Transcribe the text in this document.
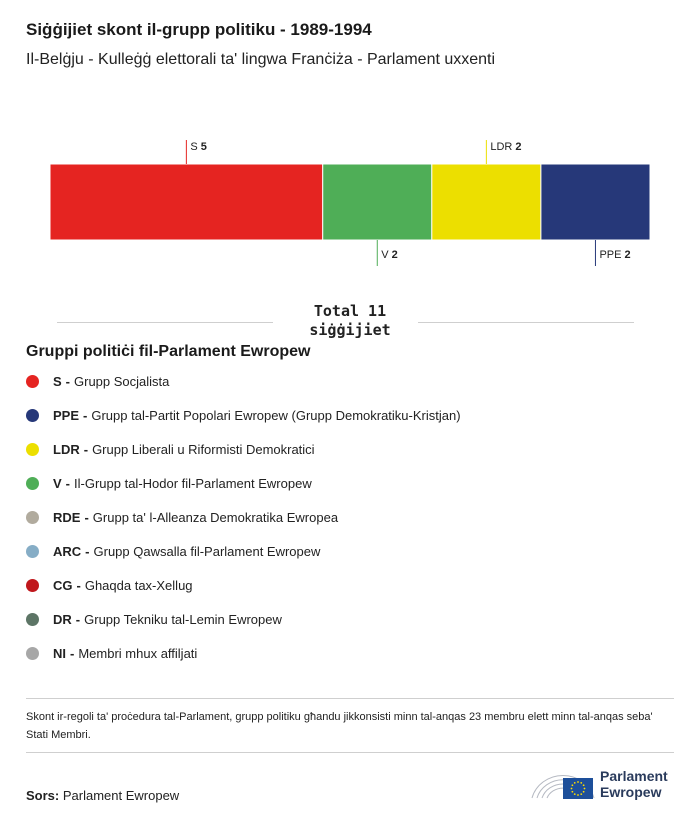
Siġġijiet skont il-grupp politiku - 1989-1994

Il-Belġju - Kulleġġ elettorali ta' lingwa Franċiża - Parlament uxxenti

S 5
V 2
LDR 2
PPE 2
Total 11 siġġijiet
Gruppi politiċi fil-Parlament Ewropew
S - Grupp Socjalista
PPE - Grupp tal-Partit Popolari Ewropew (Grupp Demokratiku-Kristjan)
LDR - Grupp Liberali u Riformisti Demokratici
V - Il-Grupp tal-Hodor fil-Parlament Ewropew
RDE - Grupp ta' l-Alleanza Demokratika Ewropea
ARC - Grupp Qawsalla fil-Parlament Ewropew
CG - Ghaqda tax-Xellug
DR - Grupp Tekniku tal-Lemin Ewropew
NI - Membri mhux affiljati

Skont ir-regoli ta' proċedura tal-Parlament, grupp politiku għandu jikkonsisti minn tal-anqas 23 membru elett minn tal-anqas seba' Stati Membri.

Sors: Parlament Ewropew
Parlament
Ewropew
